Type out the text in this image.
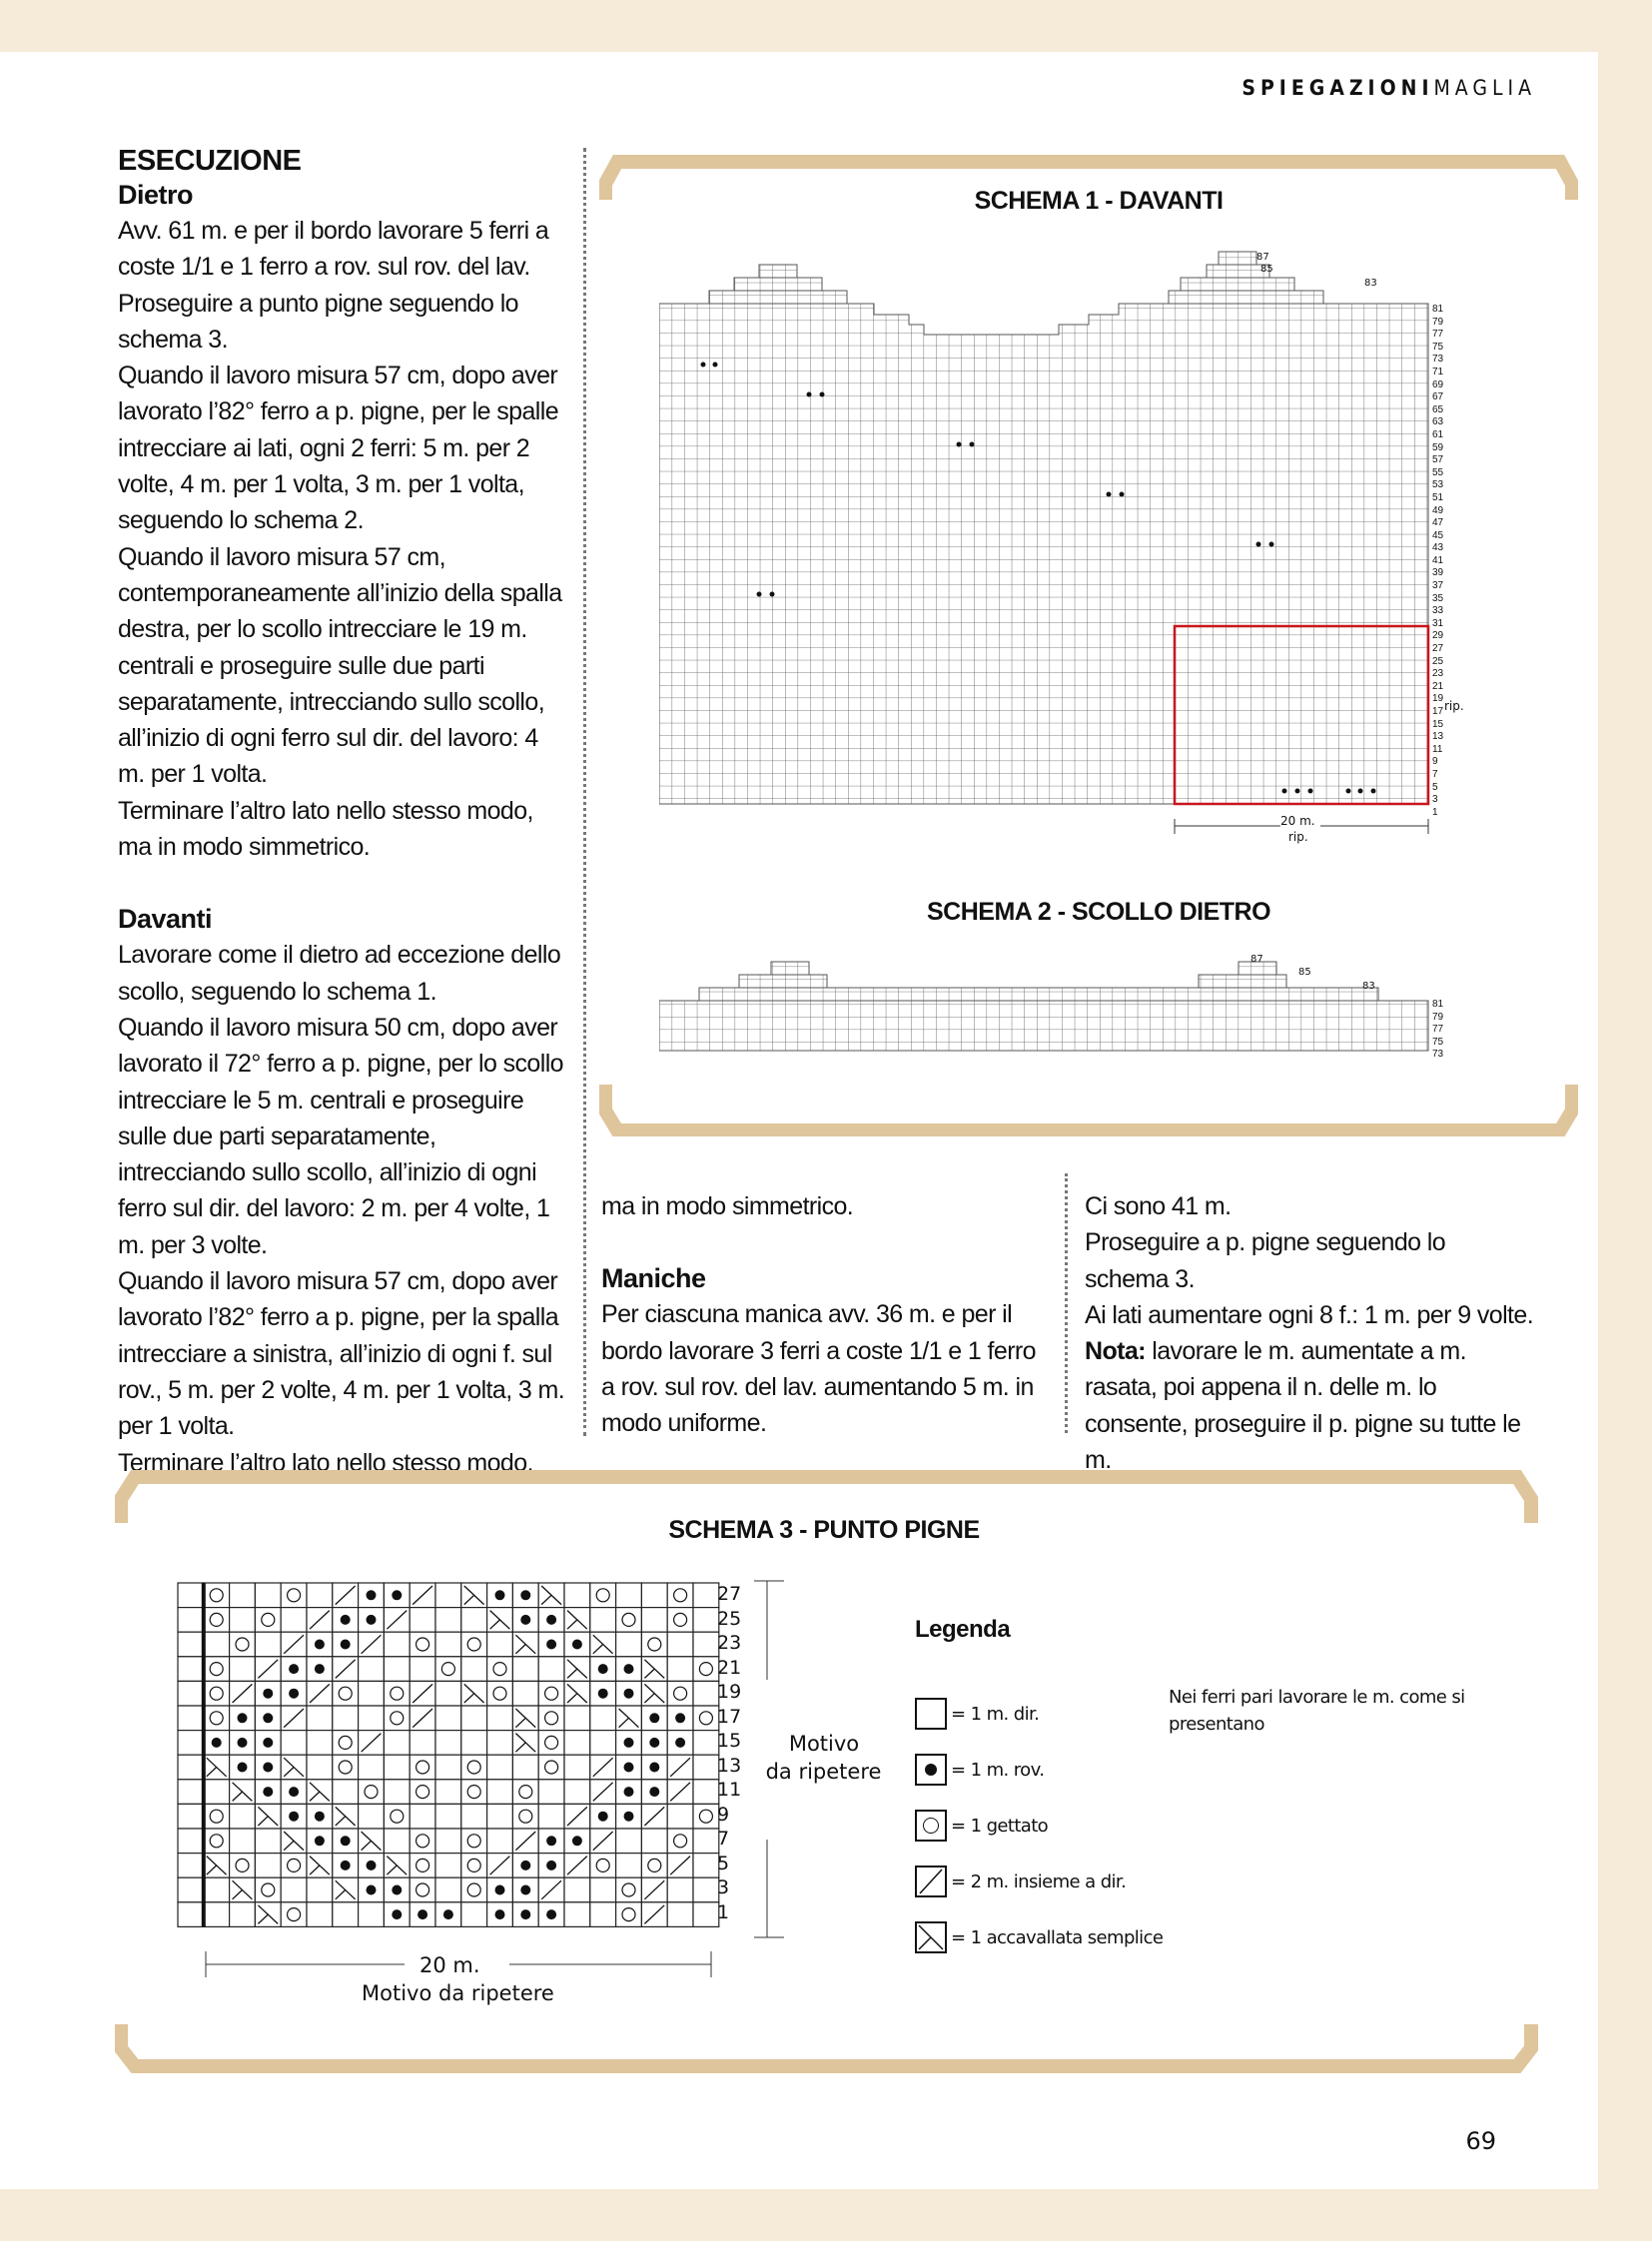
SPIEGAZIONIMAGLIA
ESECUZIONE
Dietro

Avv. 61 m. e per il bordo lavorare 5 ferri a coste 1/1 e 1 ferro a rov. sul rov. del lav.

Proseguire a punto pigne seguendo lo schema 3.

Quando il lavoro misura 57 cm, dopo aver lavorato l’82° ferro a p. pigne, per le spalle intrecciare ai lati, ogni 2 ferri: 5 m. per 2 volte, 4 m. per 1 volta, 3 m. per 1 volta, seguendo lo schema 2.

Quando il lavoro misura 57 cm, contemporaneamente all’inizio della spalla destra, per lo scollo intrecciare le 19 m. centrali e proseguire sulle due parti separatamente, intrecciando sullo scollo, all’inizio di ogni ferro sul dir. del lavoro: 4 m. per 1 volta.

Terminare l’altro lato nello stesso modo, ma in modo simmetrico.

Davanti

Lavorare come il dietro ad eccezione dello scollo, seguendo lo schema 1.

Quando il lavoro misura 50 cm, dopo aver lavorato il 72° ferro a p. pigne, per lo scollo intrecciare le 5 m. centrali e proseguire sulle due parti separatamente, intrecciando sullo scollo, all’inizio di ogni ferro sul dir. del lavoro: 2 m. per 4 volte, 1 m. per 3 volte.

Quando il lavoro misura 57 cm, dopo aver lavorato l’82° ferro a p. pigne, per la spalla intrecciare a sinistra, all’inizio di ogni f. sul rov., 5 m. per 2 volte, 4 m. per 1 volta, 3 m. per 1 volta.

Terminare l’altro lato nello stesso modo,

SCHEMA 1 - DAVANTI
81
79
77
75
73
71
69
67
65
63
61
59
57
55
53
51
49
47
45
43
41
39
37
35
33
31
29
27
25
23
21
19
17
15
13
11
9
7
5
3
1
87
85
83
rip.
20 m.
rip.
SCHEMA 2 - SCOLLO DIETRO
81
79
77
75
73
87
85
83

ma in modo simmetrico.

Maniche

Per ciascuna manica avv. 36 m. e per il bordo lavorare 3 ferri a coste 1/1 e 1 ferro a rov. sul rov. del lav. aumentando 5 m. in modo uniforme.

Ci sono 41 m.

Proseguire a p. pigne seguendo lo schema 3.

Ai lati aumentare ogni 8 f.: 1 m. per 9 volte.

Nota: lavorare le m. aumentate a m. rasata, poi appena il n. delle m. lo consente, proseguire il p. pigne su tutte le m.

SCHEMA 3 - PUNTO PIGNE
27
25
23
21
19
17
15
13
11
9
7
5
3
1
Motivo
da ripetere
20 m.
Motivo da ripetere
Legenda
= 1 m. dir.
= 1 m. rov.
= 1 gettato
= 2 m. insieme a dir.
= 1 accavallata semplice
Nei ferri pari lavorare le m. come si presentano
69
